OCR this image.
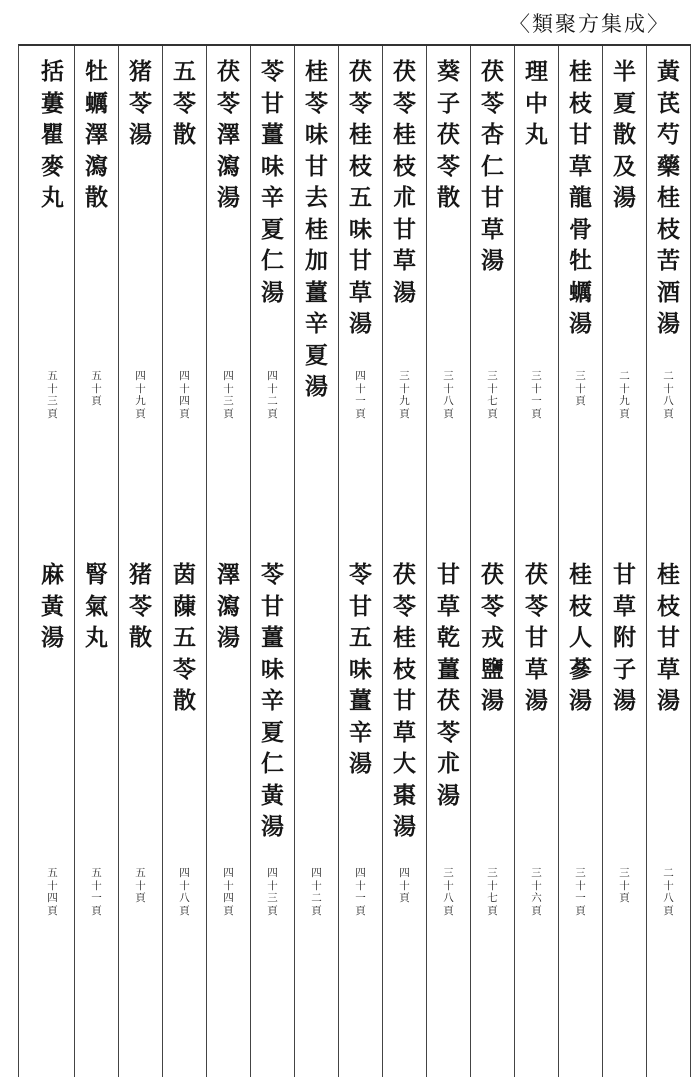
〈類聚方集成〉
黃
芪
芍
藥
桂
枝
苦
酒
湯
二
十
八
頁
桂
枝
甘
草
湯
二
十
八
頁
半
夏
散
及
湯
二
十
九
頁
甘
草
附
子
湯
三
十
頁
桂
枝
甘
草
龍
骨
牡
蠣
湯
三
十
頁
桂
枝
人
蔘
湯
三
十
一
頁
理
中
丸
三
十
一
頁
茯
苓
甘
草
湯
三
十
六
頁
茯
苓
杏
仁
甘
草
湯
三
十
七
頁
茯
苓
戎
鹽
湯
三
十
七
頁
葵
子
茯
苓
散
三
十
八
頁
甘
草
乾
薑
茯
苓
朮
湯
三
十
八
頁
茯
苓
桂
枝
朮
甘
草
湯
三
十
九
頁
茯
苓
桂
枝
甘
草
大
棗
湯
四
十
頁
茯
苓
桂
枝
五
味
甘
草
湯
四
十
一
頁
苓
甘
五
味
薑
辛
湯
四
十
一
頁
桂
苓
味
甘
去
桂
加
薑
辛
夏
湯
四
十
二
頁
苓
甘
薑
味
辛
夏
仁
湯
四
十
二
頁
苓
甘
薑
味
辛
夏
仁
黃
湯
四
十
三
頁
茯
苓
澤
瀉
湯
四
十
三
頁
澤
瀉
湯
四
十
四
頁
五
苓
散
四
十
四
頁
茵
蔯
五
苓
散
四
十
八
頁
猪
苓
湯
四
十
九
頁
猪
苓
散
五
十
頁
牡
蠣
澤
瀉
散
五
十
頁
腎
氣
丸
五
十
一
頁
括
蔞
瞿
麥
丸
五
十
三
頁
麻
黃
湯
五
十
四
頁
